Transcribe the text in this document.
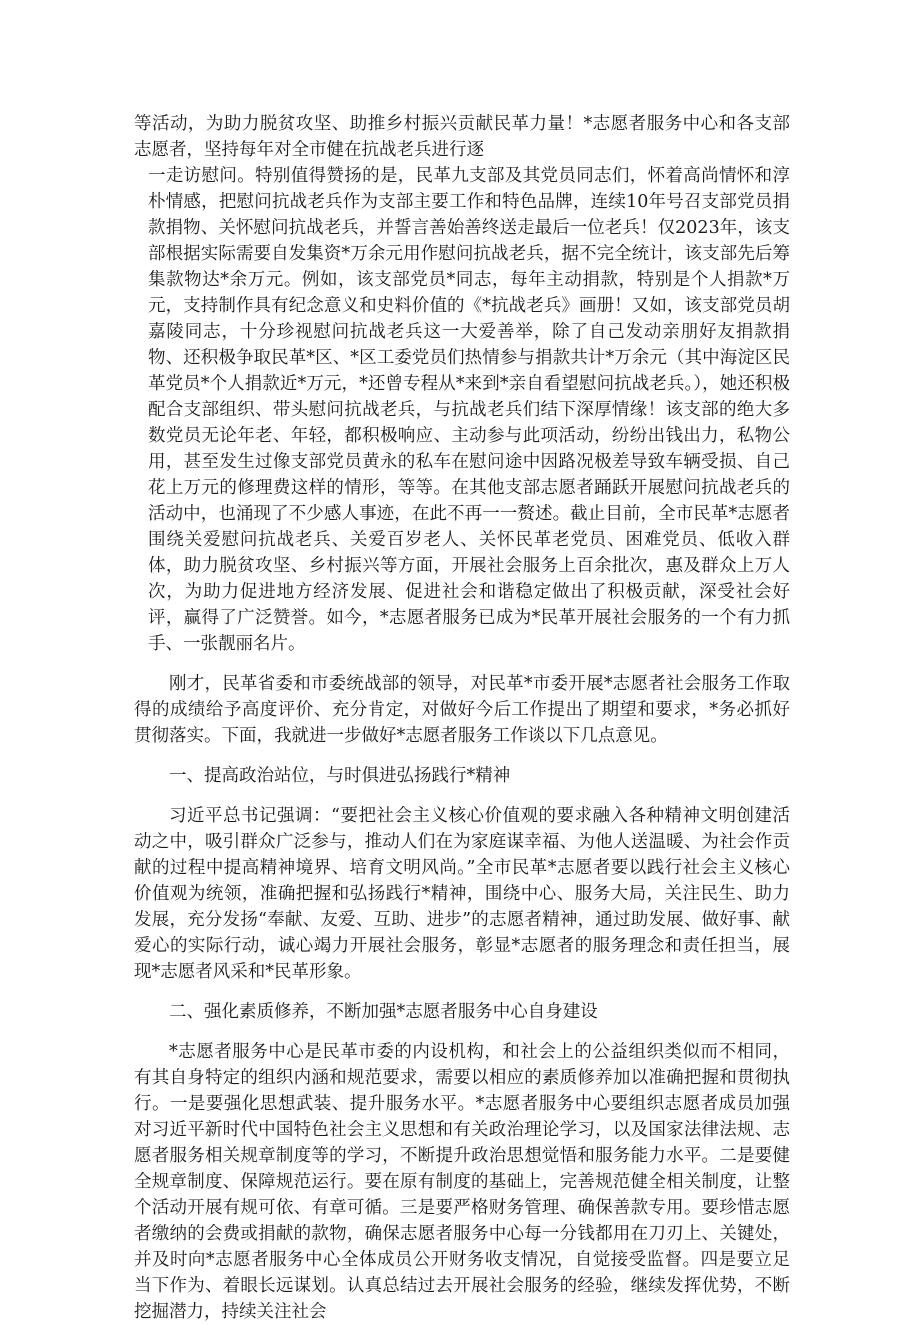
等活动，为助力脱贫攻坚、助推乡村振兴贡献民革力量！*志愿者服务中心和各支部志愿者，坚持每年对全市健在抗战老兵进行逐

一走访慰问。特别值得赞扬的是，民革九支部及其党员同志们，怀着高尚情怀和淳朴情感，把慰问抗战老兵作为支部主要工作和特色品牌，连续10年号召支部党员捐款捐物、关怀慰问抗战老兵，并誓言善始善终送走最后一位老兵！仅2023年，该支部根据实际需要自发集资*万余元用作慰问抗战老兵，据不完全统计，该支部先后筹集款物达*余万元。例如，该支部党员*同志，每年主动捐款，特别是个人捐款*万元，支持制作具有纪念意义和史料价值的《*抗战老兵》画册！又如，该支部党员胡嘉陵同志，十分珍视慰问抗战老兵这一大爱善举，除了自己发动亲朋好友捐款捐物、还积极争取民革*区、*区工委党员们热情参与捐款共计*万余元（其中海淀区民革党员*个人捐款近*万元，*还曾专程从*来到*亲自看望慰问抗战老兵。），她还积极配合支部组织、带头慰问抗战老兵，与抗战老兵们结下深厚情缘！该支部的绝大多数党员无论年老、年轻，都积极响应、主动参与此项活动，纷纷出钱出力，私物公用，甚至发生过像支部党员黄永的私车在慰问途中因路况极差导致车辆受损、自己花上万元的修理费这样的情形，等等。在其他支部志愿者踊跃开展慰问抗战老兵的活动中，也涌现了不少感人事迹，在此不再一一赘述。截止目前，全市民革*志愿者围绕关爱慰问抗战老兵、关爱百岁老人、关怀民革老党员、困难党员、低收入群体，助力脱贫攻坚、乡村振兴等方面，开展社会服务上百余批次，惠及群众上万人次，为助力促进地方经济发展、促进社会和谐稳定做出了积极贡献，深受社会好评，赢得了广泛赞誉。如今，*志愿者服务已成为*民革开展社会服务的一个有力抓手、一张靓丽名片。

刚才，民革省委和市委统战部的领导，对民革*市委开展*志愿者社会服务工作取得的成绩给予高度评价、充分肯定，对做好今后工作提出了期望和要求，*务必抓好贯彻落实。下面，我就进一步做好*志愿者服务工作谈以下几点意见。

一、提高政治站位，与时俱进弘扬践行*精神

习近平总书记强调：“要把社会主义核心价值观的要求融入各种精神文明创建活动之中，吸引群众广泛参与，推动人们在为家庭谋幸福、为他人送温暖、为社会作贡献的过程中提高精神境界、培育文明风尚。”全市民革*志愿者要以践行社会主义核心价值观为统领，准确把握和弘扬践行*精神，围绕中心、服务大局，关注民生、助力发展，充分发扬“奉献、友爱、互助、进步”的志愿者精神，通过助发展、做好事、献爱心的实际行动，诚心竭力开展社会服务，彰显*志愿者的服务理念和责任担当，展现*志愿者风采和*民革形象。

二、强化素质修养，不断加强*志愿者服务中心自身建设

*志愿者服务中心是民革市委的内设机构，和社会上的公益组织类似而不相同，有其自身特定的组织内涵和规范要求，需要以相应的素质修养加以准确把握和贯彻执行。一是要强化思想武装、提升服务水平。*志愿者服务中心要组织志愿者成员加强对习近平新时代中国特色社会主义思想和有关政治理论学习，以及国家法律法规、志愿者服务相关规章制度等的学习，不断提升政治思想觉悟和服务能力水平。二是要健全规章制度、保障规范运行。要在原有制度的基础上，完善规范健全相关制度，让整个活动开展有规可依、有章可循。三是要严格财务管理、确保善款专用。要珍惜志愿者缴纳的会费或捐献的款物，确保志愿者服务中心每一分钱都用在刀刃上、关键处，并及时向*志愿者服务中心全体成员公开财务收支情况，自觉接受监督。四是要立足当下作为、着眼长远谋划。认真总结过去开展社会服务的经验，继续发挥优势，不断挖掘潜力，持续关注社会
